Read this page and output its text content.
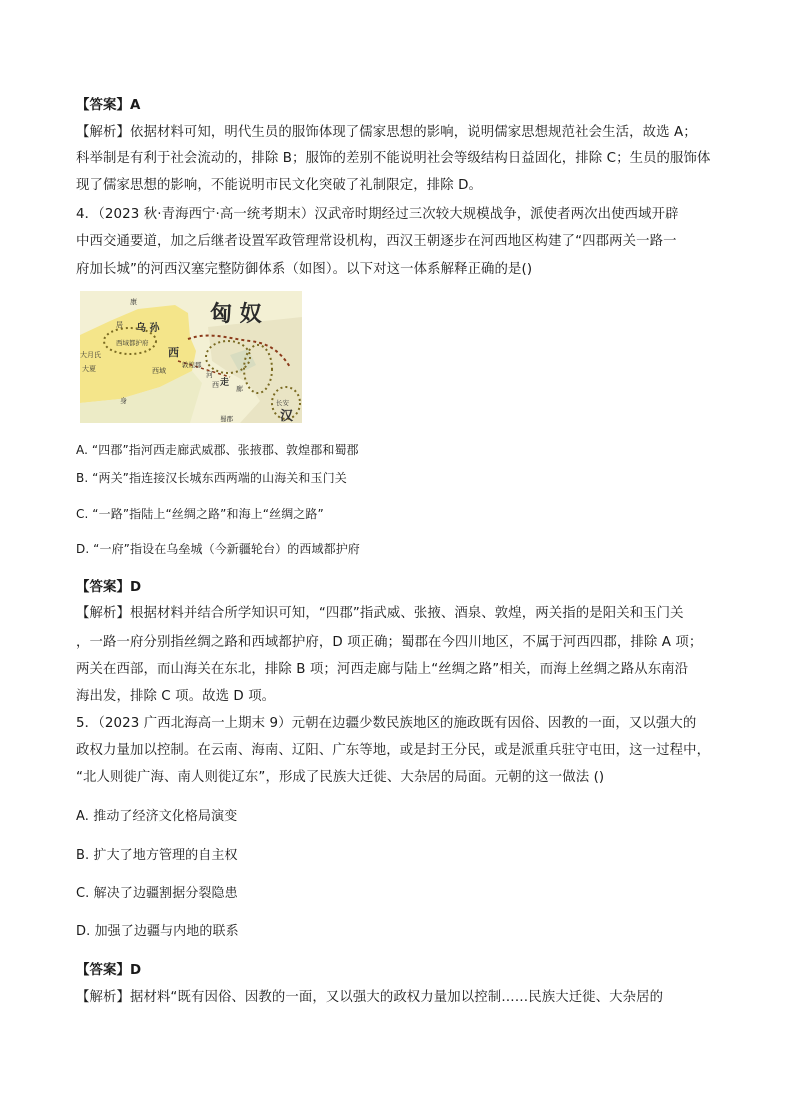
【答案】A
【解析】依据材料可知，明代生员的服饰体现了儒家思想的影响，说明儒家思想规范社会生活，故选 A；
科举制是有利于社会流动的，排除 B；服饰的差别不能说明社会等级结构日益固化，排除 C；生员的服饰体
现了儒家思想的影响，不能说明市民文化突破了礼制限定，排除 D。
4．（2023 秋·青海西宁·高一统考期末）汉武帝时期经过三次较大规模战争，派使者两次出使西域开辟
中西交通要道，加之后继者设置军政管理常设机构，西汉王朝逐步在河西地区构建了“四郡两关一路一
府加长城”的河西汉塞完整防御体系（如图）。以下对这一体系解释正确的是()
匈 奴
康
居 乌 孙
西域都护府
西
大月氏
大夏	西域
敦煌郡
河
西 走
廊
长安
汉
身
蜀郡
A. “四郡”指河西走廊武威郡、张掖郡、敦煌郡和蜀郡
B. “两关”指连接汉长城东西两端的山海关和玉门关
C. “一路”指陆上“丝绸之路”和海上“丝绸之路”
D. “一府”指设在乌垒城（今新疆轮台）的西域都护府
【答案】D
【解析】根据材料并结合所学知识可知，“四郡”指武威、张掖、酒泉、敦煌，两关指的是阳关和玉门关
，一路一府分别指丝绸之路和西域都护府，D 项正确；蜀郡在今四川地区，不属于河西四郡，排除 A 项；
两关在西部，而山海关在东北，排除 B 项；河西走廊与陆上“丝绸之路”相关，而海上丝绸之路从东南沿
海出发，排除 C 项。故选 D 项。
5．（2023 广西北海高一上期末 9）元朝在边疆少数民族地区的施政既有因俗、因教的一面，又以强大的
政权力量加以控制。在云南、海南、辽阳、广东等地，或是封王分民，或是派重兵驻守屯田，这一过程中，
“北人则徙广海、南人则徙辽东”，形成了民族大迁徙、大杂居的局面。元朝的这一做法 ()
A. 推动了经济文化格局演变
B. 扩大了地方管理的自主权
C. 解决了边疆割据分裂隐患
D. 加强了边疆与内地的联系
【答案】D
【解析】据材料“既有因俗、因教的一面，又以强大的政权力量加以控制……民族大迁徙、大杂居的
